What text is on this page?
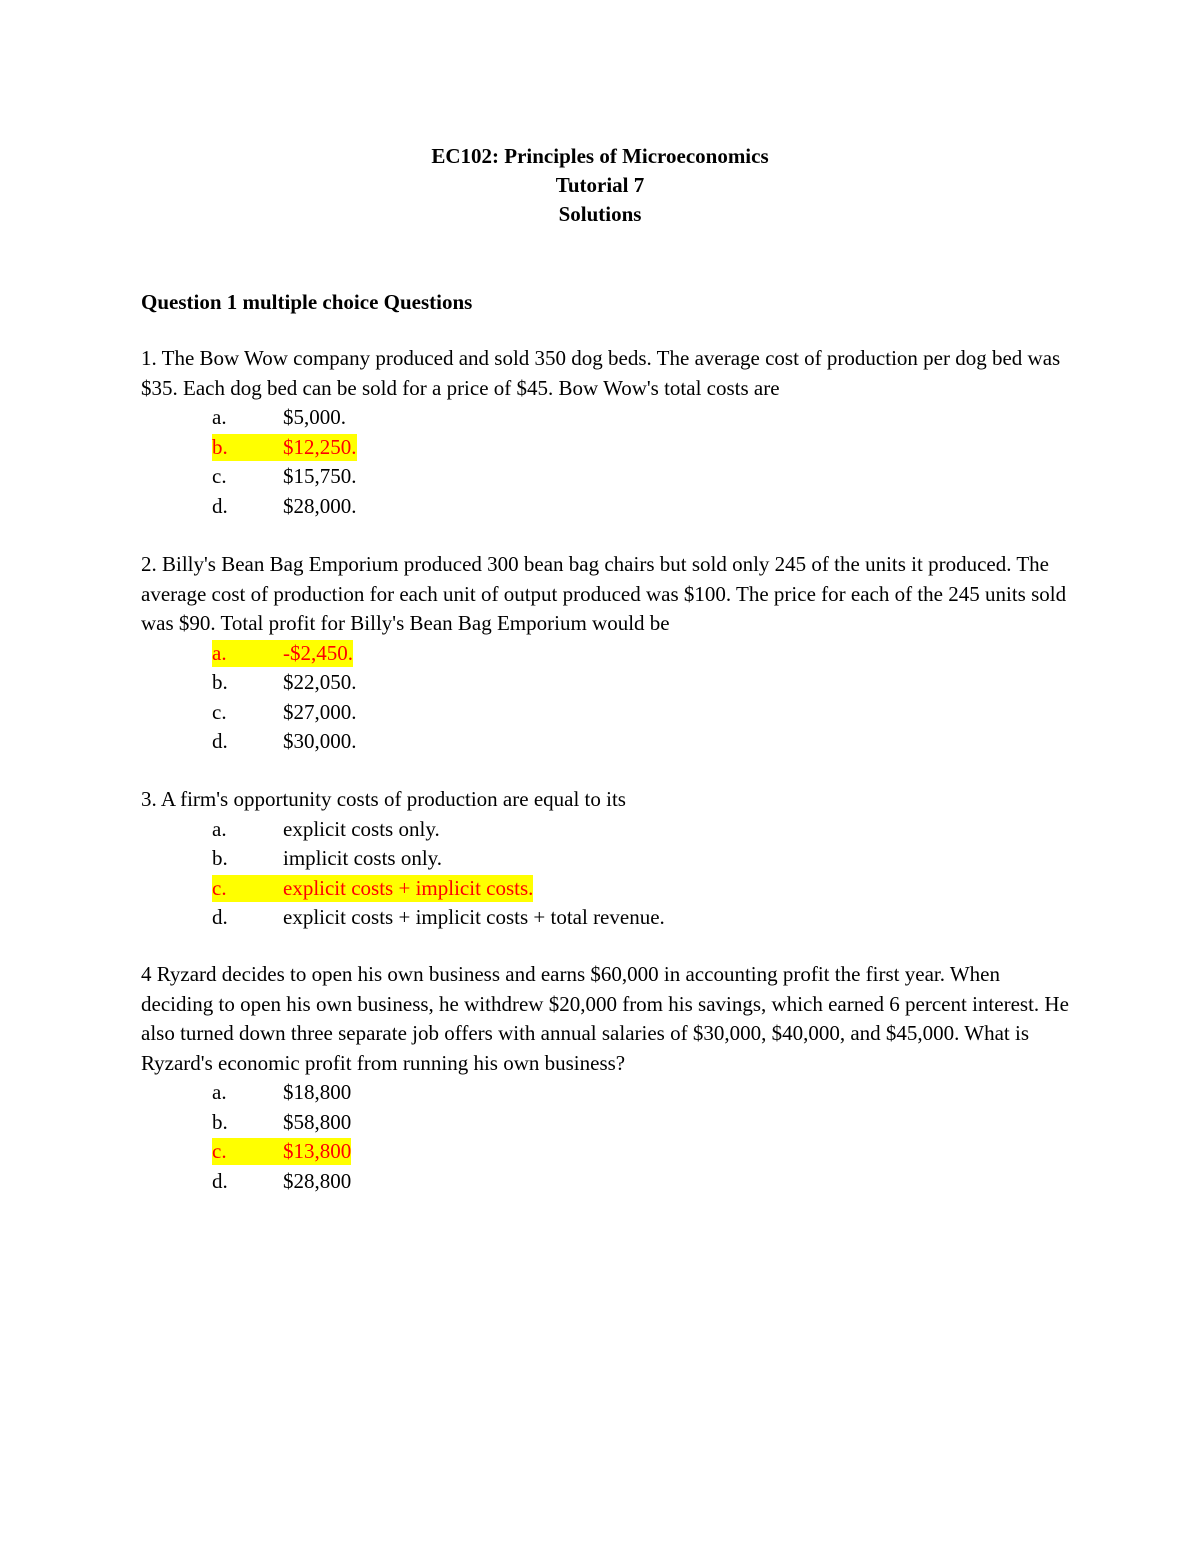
EC102: Principles of Microeconomics
Tutorial 7
Solutions
Question 1 multiple choice Questions

1. The Bow Wow company produced and sold 350 dog beds. The average cost of production per dog bed was $35. Each dog bed can be sold for a price of $45. Bow Wow's total costs are

a.	$5,000.
b.	$12,250.
c.	$15,750.
d.	$28,000.

2. Billy's Bean Bag Emporium produced 300 bean bag chairs but sold only 245 of the units it produced. The average cost of production for each unit of output produced was $100. The price for each of the 245 units sold was $90. Total profit for Billy's Bean Bag Emporium would be

a.	-$2,450.
b.	$22,050.
c.	$27,000.
d.	$30,000.

3. A firm's opportunity costs of production are equal to its

a.	explicit costs only.
b.	implicit costs only.
c.	explicit costs + implicit costs.
d.	explicit costs + implicit costs + total revenue.

4 Ryzard decides to open his own business and earns $60,000 in accounting profit the first year. When deciding to open his own business, he withdrew $20,000 from his savings, which earned 6 percent interest. He also turned down three separate job offers with annual salaries of $30,000, $40,000, and $45,000. What is Ryzard's economic profit from running his own business?

a.	$18,800
b.	$58,800
c.	$13,800
d.	$28,800
